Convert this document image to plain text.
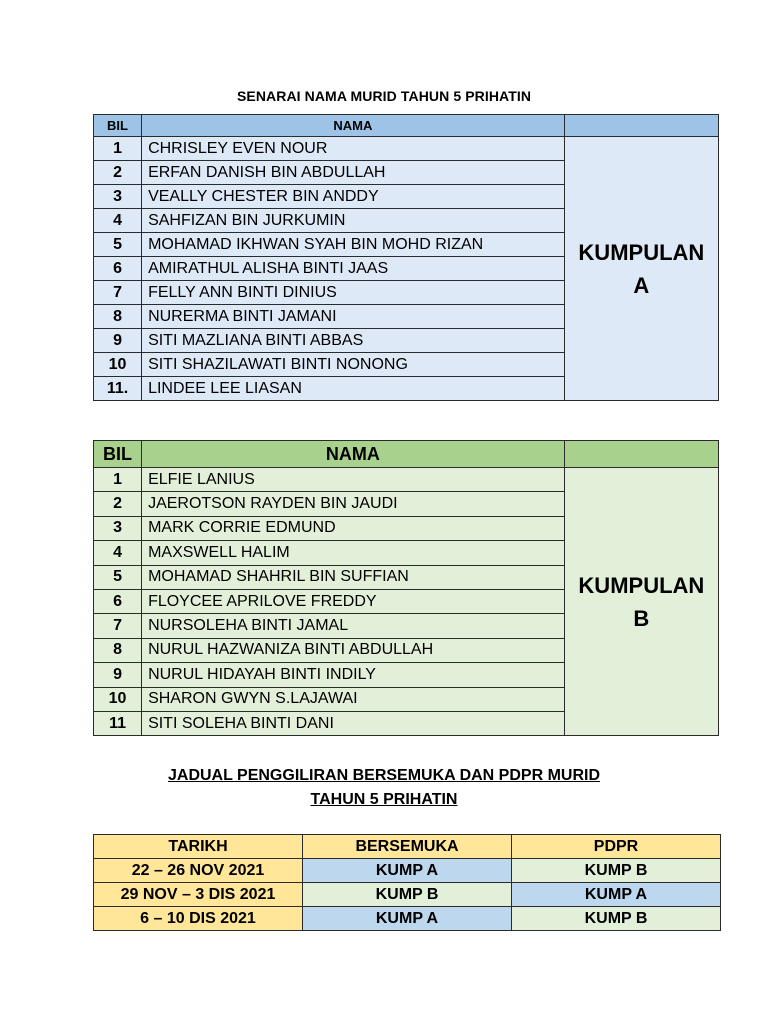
SENARAI NAMA MURID TAHUN 5 PRIHATIN
BIL	NAMA	
1	CHRISLEY EVEN NOUR	KUMPULAN
A

2	ERFAN DANISH BIN ABDULLAH	
3	VEALLY CHESTER BIN ANDDY	
4	SAHFIZAN BIN JURKUMIN	
5	MOHAMAD IKHWAN SYAH BIN MOHD RIZAN	
6	AMIRATHUL ALISHA BINTI JAAS	
7	FELLY ANN BINTI DINIUS	
8	NURERMA BINTI JAMANI	
9	SITI MAZLIANA BINTI ABBAS	
10	SITI SHAZILAWATI BINTI NONONG	
11.	LINDEE LEE LIASAN	
BIL	NAMA	
1	ELFIE LANIUS	KUMPULAN
B

2	JAEROTSON RAYDEN BIN JAUDI	
3	MARK CORRIE EDMUND	
4	MAXSWELL HALIM	
5	MOHAMAD SHAHRIL BIN SUFFIAN	
6	FLOYCEE APRILOVE FREDDY	
7	NURSOLEHA BINTI JAMAL	
8	NURUL HAZWANIZA BINTI ABDULLAH	
9	NURUL HIDAYAH BINTI INDILY	
10	SHARON GWYN S.LAJAWAI	
11	SITI SOLEHA BINTI DANI	
JADUAL PENGGILIRAN BERSEMUKA DAN PDPR MURID
TAHUN 5 PRIHATIN
TARIKH	BERSEMUKA	PDPR
22 – 26 NOV 2021	KUMP A	KUMP B
29 NOV – 3 DIS 2021	KUMP B	KUMP A
6 – 10 DIS 2021	KUMP A	KUMP B
